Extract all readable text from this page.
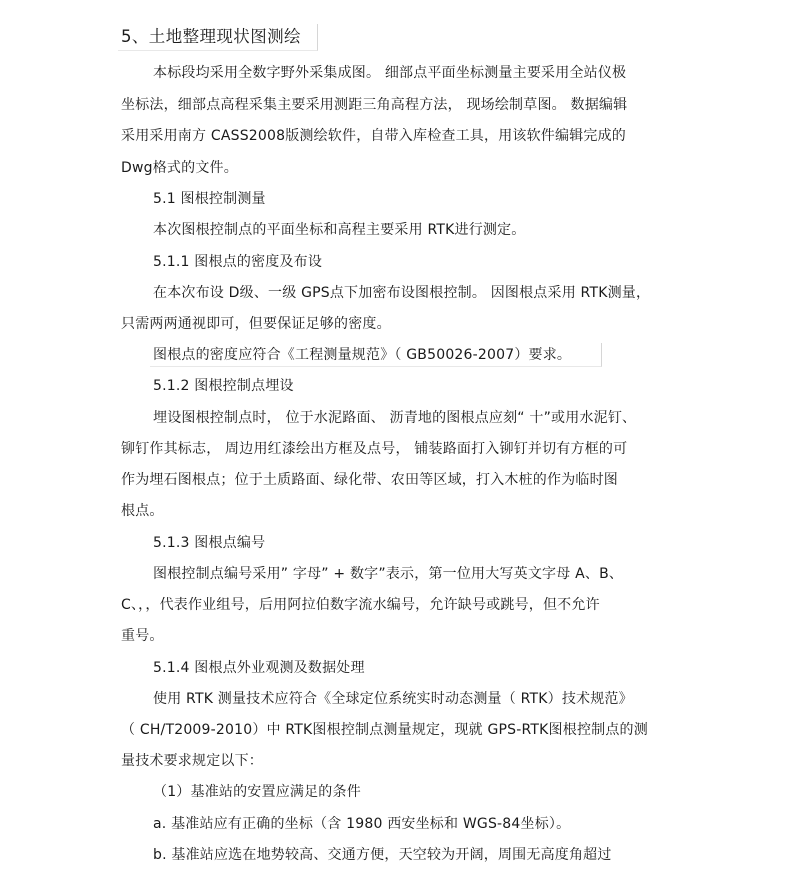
5、土地整理现状图测绘
本标段均采用全数字野外采集成图。 细部点平面坐标测量主要采用全站仪极
坐标法，细部点高程采集主要采用测距三角高程方法， 现场绘制草图。 数据编辑
采用采用南方 CASS2008版测绘软件，自带入库检查工具，用该软件编辑完成的
Dwg格式的文件。
5.1 图根控制测量
本次图根控制点的平面坐标和高程主要采用 RTK进行测定。
5.1.1 图根点的密度及布设
在本次布设 D级、一级 GPS点下加密布设图根控制。 因图根点采用 RTK测量，
只需两两通视即可，但要保证足够的密度。
图根点的密度应符合《工程测量规范》（ GB50026-2007）要求。
5.1.2 图根控制点埋设
埋设图根控制点时， 位于水泥路面、 沥青地的图根点应刻“ 十”或用水泥钉、
铆钉作其标志， 周边用红漆绘出方框及点号， 铺装路面打入铆钉并切有方框的可
作为埋石图根点；位于土质路面、绿化带、农田等区域，打入木桩的作为临时图
根点。
5.1.3 图根点编号
图根控制点编号采用” 字母” + 数字”表示，第一位用大写英文字母 A、B、
C、，，代表作业组号，后用阿拉伯数字流水编号，允许缺号或跳号，但不允许
重号。
5.1.4 图根点外业观测及数据处理
使用 RTK 测量技术应符合《全球定位系统实时动态测量（ RTK）技术规范》
（ CH/T2009-2010）中 RTK图根控制点测量规定，现就 GPS-RTK图根控制点的测
量技术要求规定以下：
（1）基准站的安置应满足的条件
a. 基准站应有正确的坐标（含 1980 西安坐标和 WGS-84坐标）。
b. 基准站应选在地势较高、交通方便，天空较为开阔，周围无高度角超过
